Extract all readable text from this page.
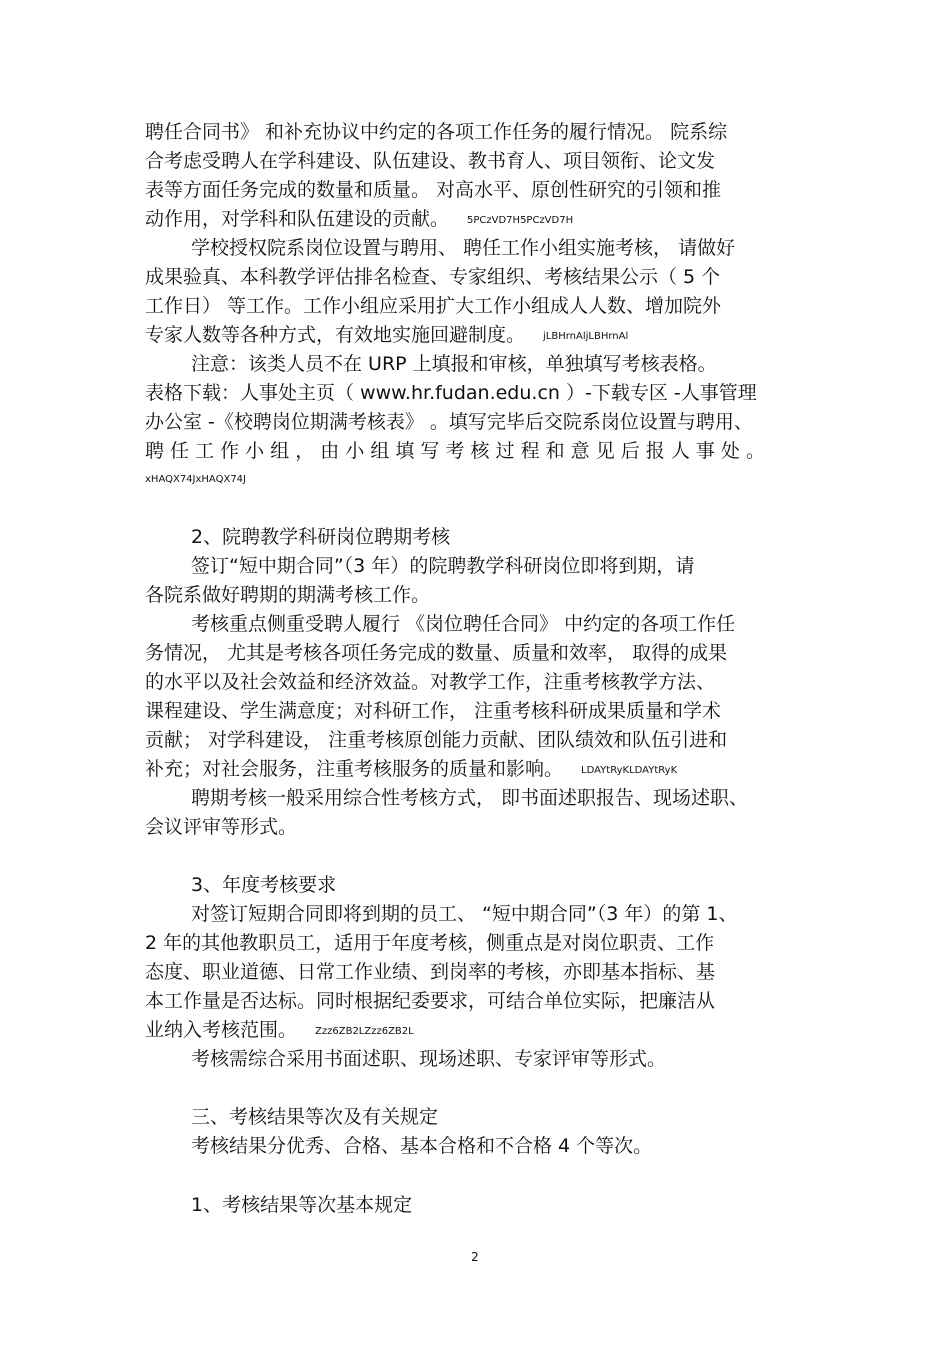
聘任合同书》 和补充协议中约定的各项工作任务的履行情况。 院系综

合考虑受聘人在学科建设、队伍建设、教书育人、项目领衔、论文发

表等方面任务完成的数量和质量。 对高水平、原创性研究的引领和推

动作用，对学科和队伍建设的贡献。 5PCzVD7H5PCzVD7H

学校授权院系岗位设置与聘用、 聘任工作小组实施考核， 请做好

成果验真、本科教学评估排名检查、专家组织、考核结果公示（ 5 个

工作日） 等工作。工作小组应采用扩大工作小组成人人数、增加院外

专家人数等各种方式，有效地实施回避制度。 jLBHrnAljLBHrnAl

注意：该类人员不在 URP 上填报和审核，单独填写考核表格。

表格下载：人事处主页（ www.hr.fudan.edu.cn ）-下载专区 -人事管理

办公室 -《校聘岗位期满考核表》 。填写完毕后交院系岗位设置与聘用、

聘 任 工 作 小 组 ， 由 小 组 填 写 考 核 过 程 和 意 见 后 报 人 事 处 。

xHAQX74JxHAQX74J

2、院聘教学科研岗位聘期考核

签订“短中期合同”（3 年）的院聘教学科研岗位即将到期，请

各院系做好聘期的期满考核工作。

考核重点侧重受聘人履行 《岗位聘任合同》 中约定的各项工作任

务情况， 尤其是考核各项任务完成的数量、质量和效率， 取得的成果

的水平以及社会效益和经济效益。对教学工作，注重考核教学方法、

课程建设、学生满意度；对科研工作， 注重考核科研成果质量和学术

贡献； 对学科建设， 注重考核原创能力贡献、团队绩效和队伍引进和

补充；对社会服务，注重考核服务的质量和影响。 LDAYtRyKLDAYtRyK

聘期考核一般采用综合性考核方式， 即书面述职报告、现场述职、

会议评审等形式。

3、年度考核要求

对签订短期合同即将到期的员工、 “短中期合同”（3 年）的第 1、

2 年的其他教职员工，适用于年度考核，侧重点是对岗位职责、工作

态度、职业道德、日常工作业绩、到岗率的考核，亦即基本指标、基

本工作量是否达标。同时根据纪委要求，可结合单位实际，把廉洁从

业纳入考核范围。 Zzz6ZB2LZzz6ZB2L

考核需综合采用书面述职、现场述职、专家评审等形式。

三、考核结果等次及有关规定

考核结果分优秀、合格、基本合格和不合格 4 个等次。

1、考核结果等次基本规定

2
